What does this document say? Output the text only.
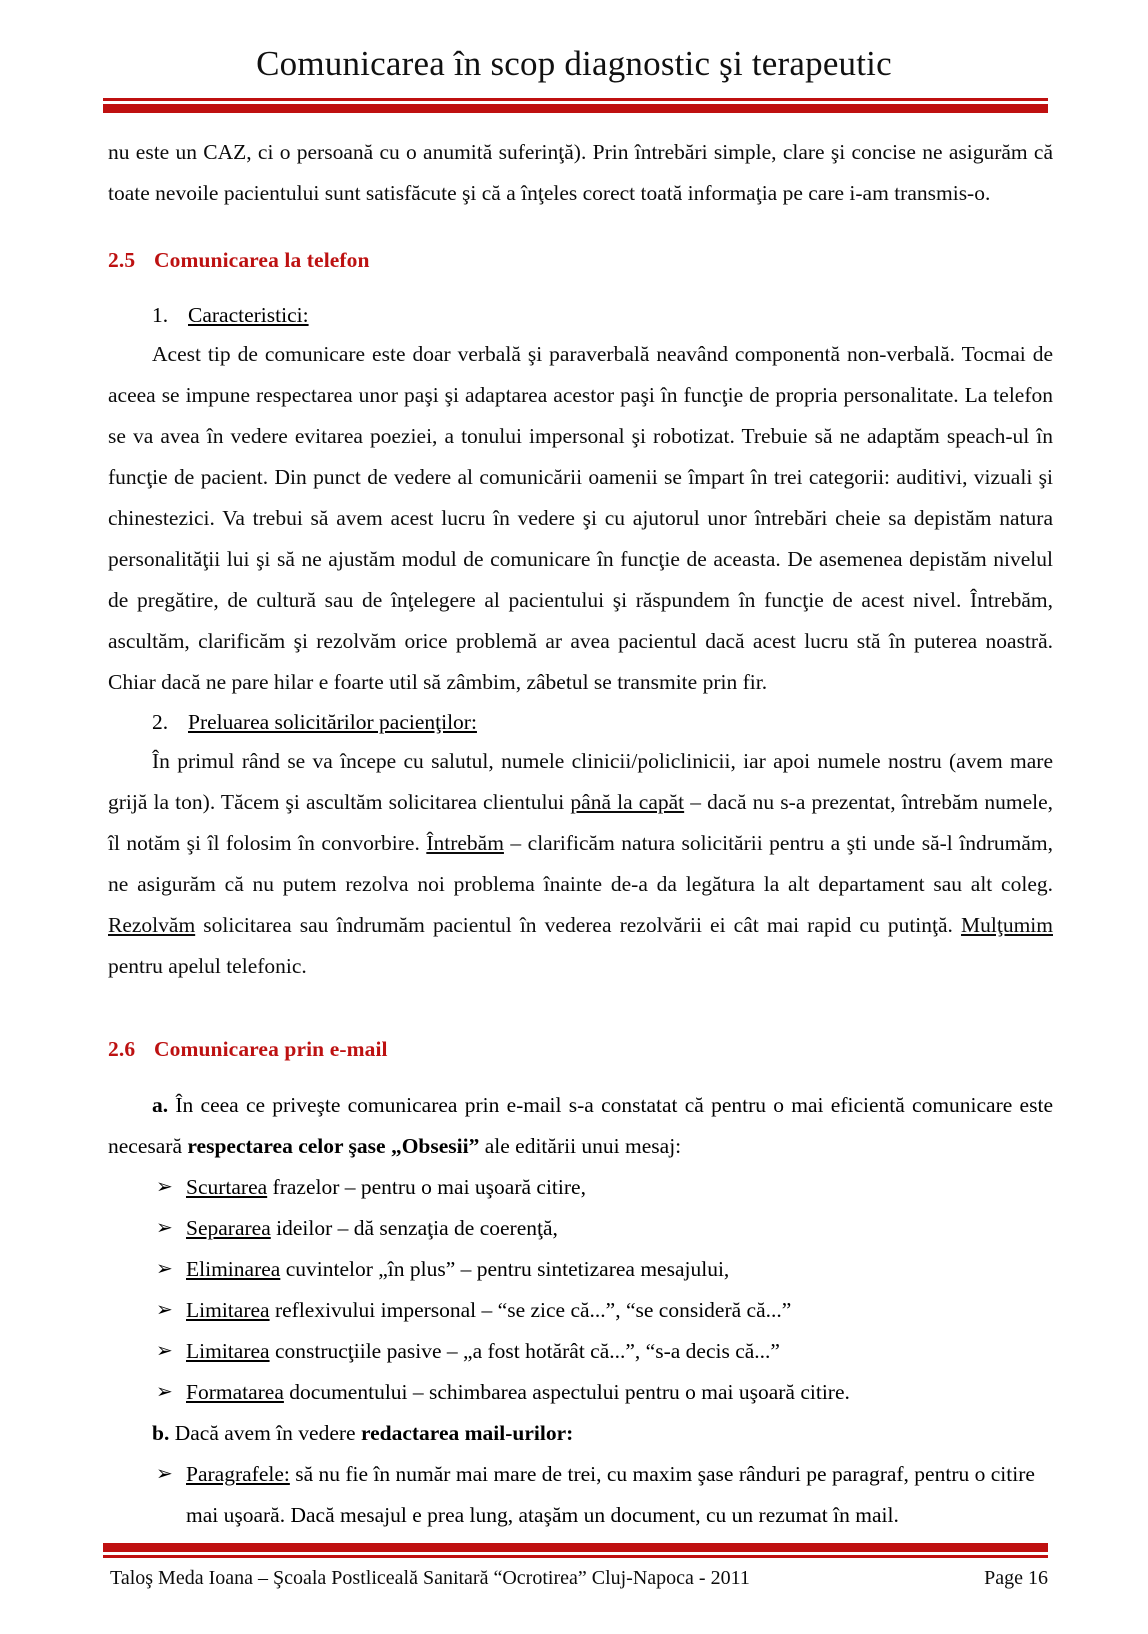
Comunicarea în scop diagnostic şi terapeutic

nu este un CAZ, ci o persoană cu o anumită suferinţă). Prin întrebări simple, clare şi concise ne asigurăm că toate nevoile pacientului sunt satisfăcute şi că a înţeles corect toată informaţia pe care i-am transmis-o.

2.5 Comunicarea la telefon

1. Caracteristici:

Acest tip de comunicare este doar verbală şi paraverbală neavând componentă non-verbală. Tocmai de aceea se impune respectarea unor paşi şi adaptarea acestor paşi în funcţie de propria personalitate. La telefon se va avea în vedere evitarea poeziei, a tonului impersonal şi robotizat. Trebuie să ne adaptăm speach-ul în funcţie de pacient. Din punct de vedere al comunicării oamenii se împart în trei categorii: auditivi, vizuali şi chinestezici. Va trebui să avem acest lucru în vedere şi cu ajutorul unor întrebări cheie sa depistăm natura personalităţii lui şi să ne ajustăm modul de comunicare în funcţie de aceasta. De asemenea depistăm nivelul de pregătire, de cultură sau de înţelegere al pacientului şi răspundem în funcţie de acest nivel. Întrebăm, ascultăm, clarificăm şi rezolvăm orice problemă ar avea pacientul dacă acest lucru stă în puterea noastră. Chiar dacă ne pare hilar e foarte util să zâmbim, zâbetul se transmite prin fir.

2. Preluarea solicitărilor pacienţilor:

În primul rând se va începe cu salutul, numele clinicii/policlinicii, iar apoi numele nostru (avem mare grijă la ton). Tăcem şi ascultăm solicitarea clientului până la capăt – dacă nu s-a prezentat, întrebăm numele, îl notăm şi îl folosim în convorbire. Întrebăm – clarificăm natura solicitării pentru a şti unde să-l îndrumăm, ne asigurăm că nu putem rezolva noi problema înainte de-a da legătura la alt departament sau alt coleg. Rezolvăm solicitarea sau îndrumăm pacientul în vederea rezolvării ei cât mai rapid cu putinţă. Mulţumim pentru apelul telefonic.

2.6 Comunicarea prin e-mail

a. În ceea ce priveşte comunicarea prin e-mail s-a constatat că pentru o mai eficientă comunicare este necesară respectarea celor şase „Obsesii” ale editării unui mesaj:

➢ Scurtarea frazelor – pentru o mai uşoară citire,
➢ Separarea ideilor – dă senzaţia de coerenţă,
➢ Eliminarea cuvintelor „în plus” – pentru sintetizarea mesajului,
➢ Limitarea reflexivului impersonal – “se zice că...”, “se consideră că...”
➢ Limitarea construcţiile pasive – „a fost hotărât că...”, “s-a decis că...”
➢ Formatarea documentului – schimbarea aspectului pentru o mai uşoară citire.

b. Dacă avem în vedere redactarea mail-urilor:

➢ Paragrafele: să nu fie în număr mai mare de trei, cu maxim şase rânduri pe paragraf, pentru o citire mai uşoară. Dacă mesajul e prea lung, ataşăm un document, cu un rezumat în mail.
Taloş Meda Ioana – Şcoala Postliceală Sanitară “Ocrotirea” Cluj-Napoca - 2011	Page 16
